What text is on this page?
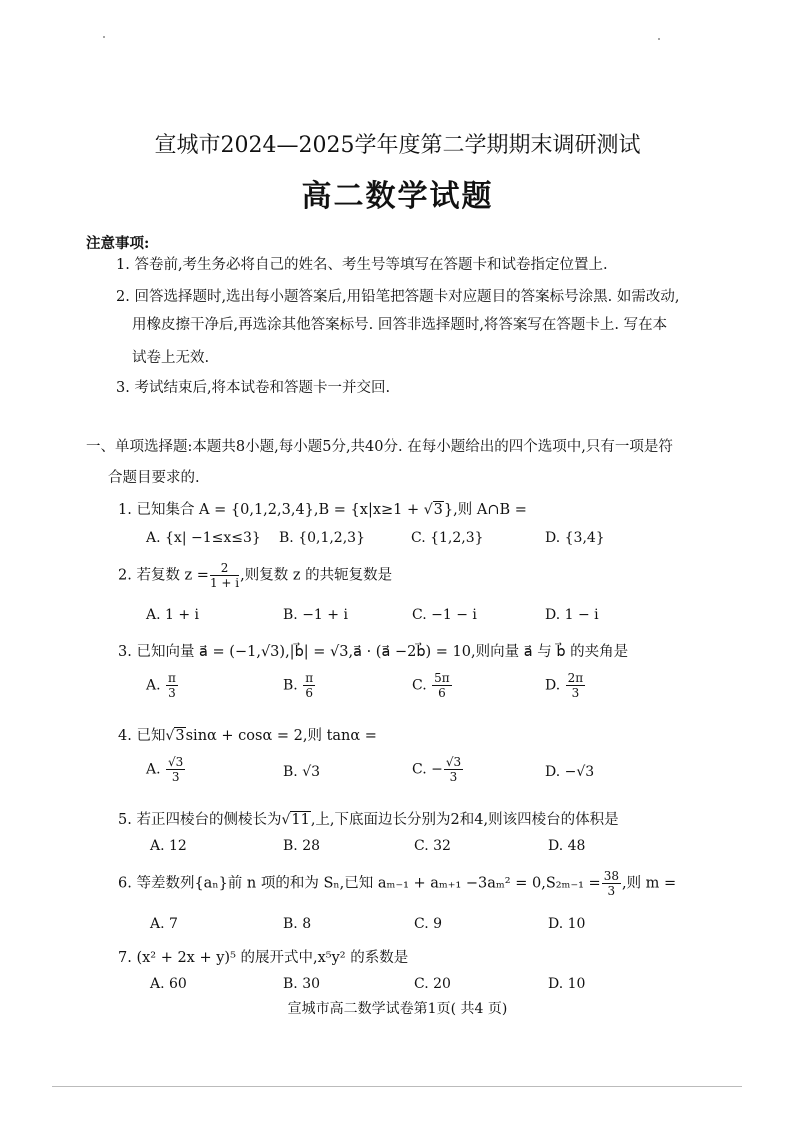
宣城市2024—2025学年度第二学期期末调研测试
高二数学试题
注意事项:
1. 答卷前,考生务必将自己的姓名、考生号等填写在答题卡和试卷指定位置上.
2. 回答选择题时,选出每小题答案后,用铅笔把答题卡对应题目的答案标号涂黑. 如需改动,
用橡皮擦干净后,再选涂其他答案标号. 回答非选择题时,将答案写在答题卡上. 写在本
试卷上无效.
3. 考试结束后,将本试卷和答题卡一并交回.
一、单项选择题:本题共8小题,每小题5分,共40分. 在每小题给出的四个选项中,只有一项是符
合题目要求的.
1. 已知集合 A = {0,1,2,3,4},B = {x|x≥1 + √3},则 A∩B =
A. {x| −1≤x≤3} B. {0,1,2,3}	C. {1,2,3}	D. {3,4}
2. 若复数 $z = \frac{2}{1 + i}$ ,则复数 z 的共轭复数是
A. 1 + i	B. −1 + i	C. −1 − i	D. 1 − i
3. 已知向量 a⃗ = (−1,√3),|b⃗| = √3,a⃗ · (a⃗ −2b⃗) = 10,则向量 a⃗ 与 b⃗ 的夹角是
A. $\frac{\pi}{3}$	B. $\frac{\pi}{6}$	C. $\frac{5\pi}{6}$	D. $\frac{2\pi}{3}$
4. 已知√3sinα + cosα = 2,则 tanα =
A. $\frac{√3}{3}$	B. √3	C. − $\frac{√3}{3}$	D. −√3
5. 若正四棱台的侧棱长为√11,上,下底面边长分别为2和4,则该四棱台的体积是
A. 12	B. 28	C. 32	D. 48
6. 等差数列{aₙ}前 n 项的和为 Sₙ,已知 $a_{m-1} + a_{m+1} -3a_m^2 = 0,S_{2m-1} = \frac{38}{3}$ ,则 m =
A. 7	B. 8	C. 9	D. 10
7. (x² + 2x + y)⁵ 的展开式中,x⁵y² 的系数是
A. 60	B. 30	C. 20	D. 10
宣城市高二数学试卷第1页( 共4 页)
